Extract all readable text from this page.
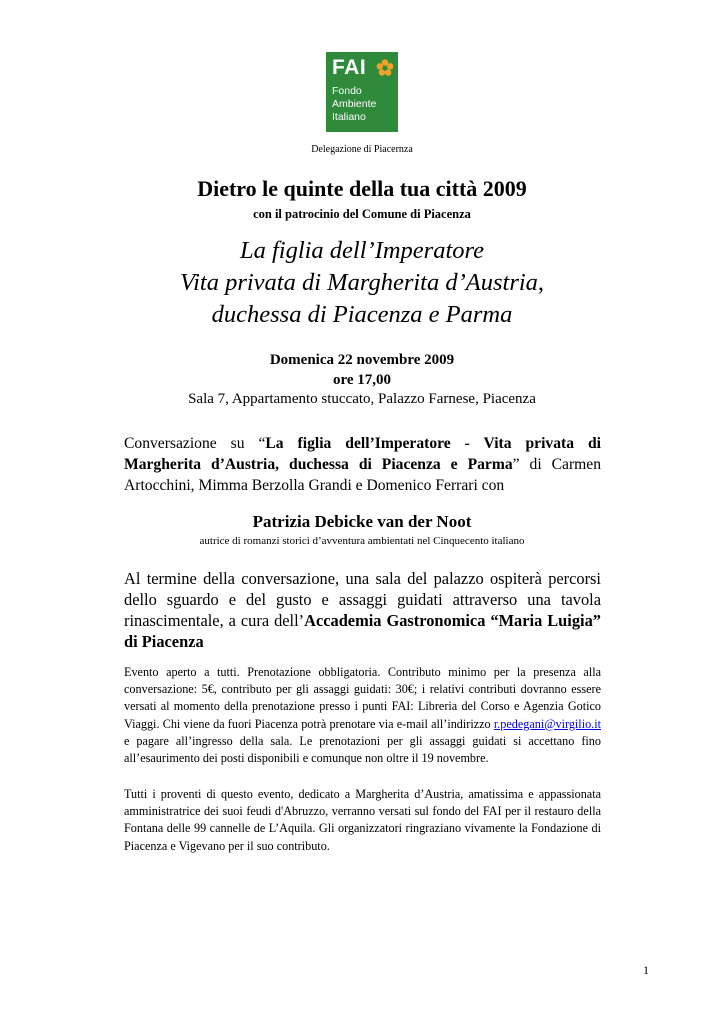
FAI
Fondo
Ambiente
Italiano
Delegazione di Piacernza
Dietro le quinte della tua città 2009
con il patrocinio del Comune di Piacenza
La figlia dell’Imperatore
Vita privata di Margherita d’Austria,
duchessa di Piacenza e Parma
Domenica 22 novembre 2009
ore 17,00
Sala 7, Appartamento stuccato, Palazzo Farnese, Piacenza
Conversazione su “La figlia dell’Imperatore - Vita privata di Margherita d’Austria, duchessa di Piacenza e Parma” di Carmen Artocchini, Mimma Berzolla Grandi e Domenico Ferrari con
Patrizia Debicke van der Noot
autrice di romanzi storici d’avventura ambientati nel Cinquecento italiano
Al termine della conversazione, una sala del palazzo ospiterà percorsi dello sguardo e del gusto e assaggi guidati attraverso una tavola rinascimentale, a cura dell’Accademia Gastronomica “Maria Luigia” di Piacenza
Evento aperto a tutti. Prenotazione obbligatoria. Contributo minimo per la presenza alla conversazione: 5€, contributo per gli assaggi guidati: 30€; i relativi contributi dovranno essere versati al momento della prenotazione presso i punti FAI: Libreria del Corso e Agenzia Gotico Viaggi. Chi viene da fuori Piacenza potrà prenotare via e-mail all’indirizzo r.pedegani@virgilio.it e pagare all’ingresso della sala. Le prenotazioni per gli assaggi guidati si accettano fino all’esaurimento dei posti disponibili e comunque non oltre il 19 novembre.
Tutti i proventi di questo evento, dedicato a Margherita d’Austria, amatissima e appassionata amministratrice dei suoi feudi d'Abruzzo, verranno versati sul fondo del FAI per il restauro della Fontana delle 99 cannelle de L’Aquila. Gli organizzatori ringraziano vivamente la Fondazione di Piacenza e Vigevano per il suo contributo.
1
